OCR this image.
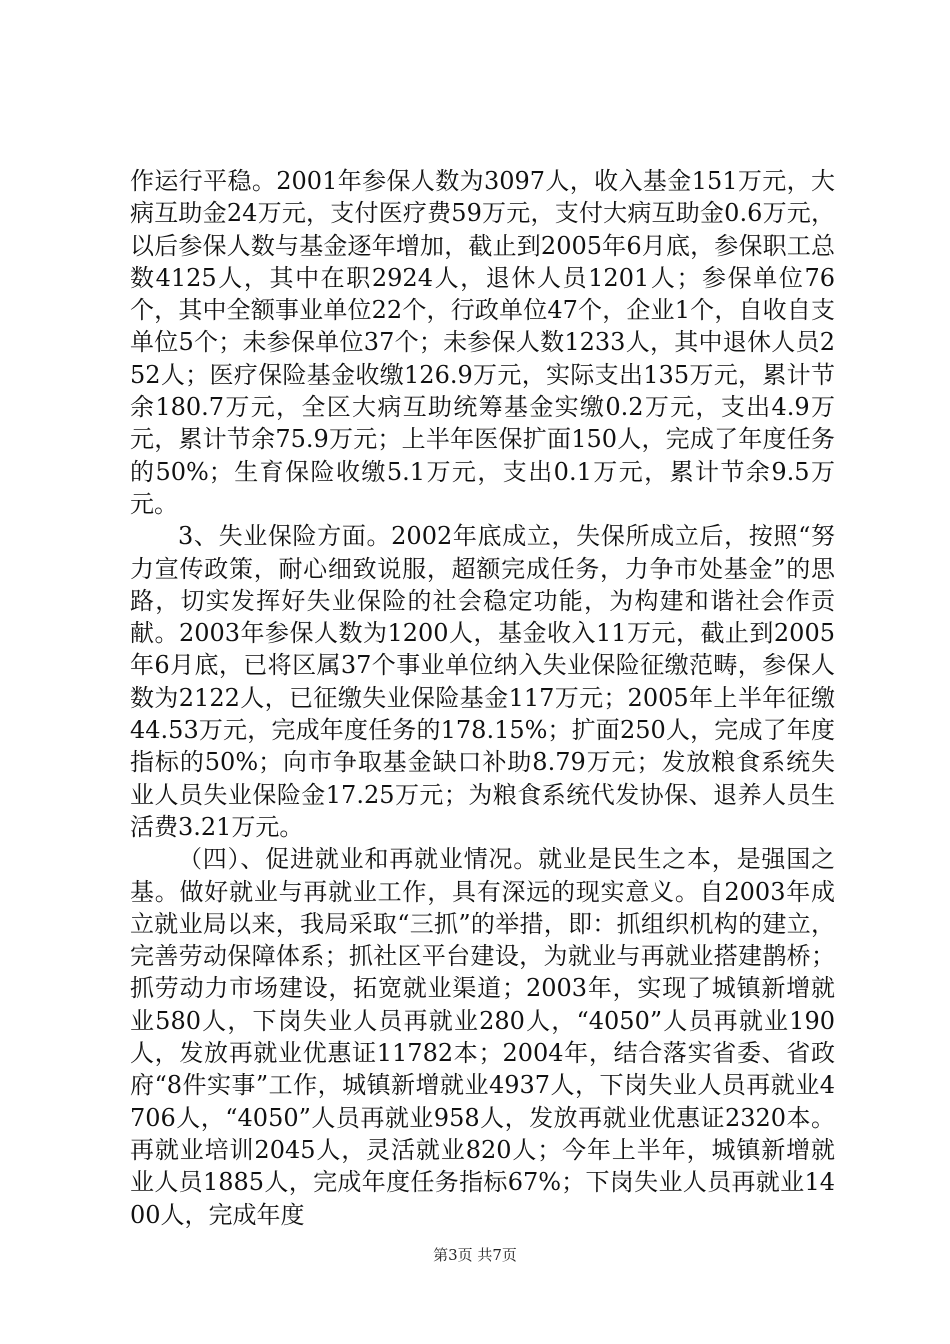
作运行平稳。2001年参保人数为3097人，收入基金151万元，大病互助金24万元，支付医疗费59万元，支付大病互助金0.6万元，以后参保人数与基金逐年增加，截止到2005年6月底，参保职工总数4125人，其中在职2924人，退休人员1201人；参保单位76个，其中全额事业单位22个，行政单位47个，企业1个，自收自支单位5个；未参保单位37个；未参保人数1233人，其中退休人员252人；医疗保险基金收缴126.9万元，实际支出135万元，累计节余180.7万元，全区大病互助统筹基金实缴0.2万元，支出4.9万元，累计节余75.9万元；上半年医保扩面150人，完成了年度任务的50%；生育保险收缴5.1万元，支出0.1万元，累计节余9.5万元。

3、失业保险方面。2002年底成立，失保所成立后，按照“努力宣传政策，耐心细致说服，超额完成任务，力争市处基金”的思路，切实发挥好失业保险的社会稳定功能，为构建和谐社会作贡献。2003年参保人数为1200人，基金收入11万元，截止到2005年6月底，已将区属37个事业单位纳入失业保险征缴范畴，参保人数为2122人，已征缴失业保险基金117万元；2005年上半年征缴44.53万元，完成年度任务的178.15%；扩面250人，完成了年度指标的50%；向市争取基金缺口补助8.79万元；发放粮食系统失业人员失业保险金17.25万元；为粮食系统代发协保、退养人员生活费3.21万元。

（四）、促进就业和再就业情况。就业是民生之本，是强国之基。做好就业与再就业工作，具有深远的现实意义。自2003年成立就业局以来，我局采取“三抓”的举措，即：抓组织机构的建立，完善劳动保障体系；抓社区平台建设，为就业与再就业搭建鹊桥；抓劳动力市场建设，拓宽就业渠道；2003年，实现了城镇新增就业580人，下岗失业人员再就业280人，“4050”人员再就业190人，发放再就业优惠证11782本；2004年，结合落实省委、省政府“8件实事”工作，城镇新增就业4937人，下岗失业人员再就业4706人，“4050”人员再就业958人，发放再就业优惠证2320本。再就业培训2045人，灵活就业820人；今年上半年，城镇新增就业人员1885人，完成年度任务指标67%；下岗失业人员再就业1400人，完成年度

第3页 共7页
